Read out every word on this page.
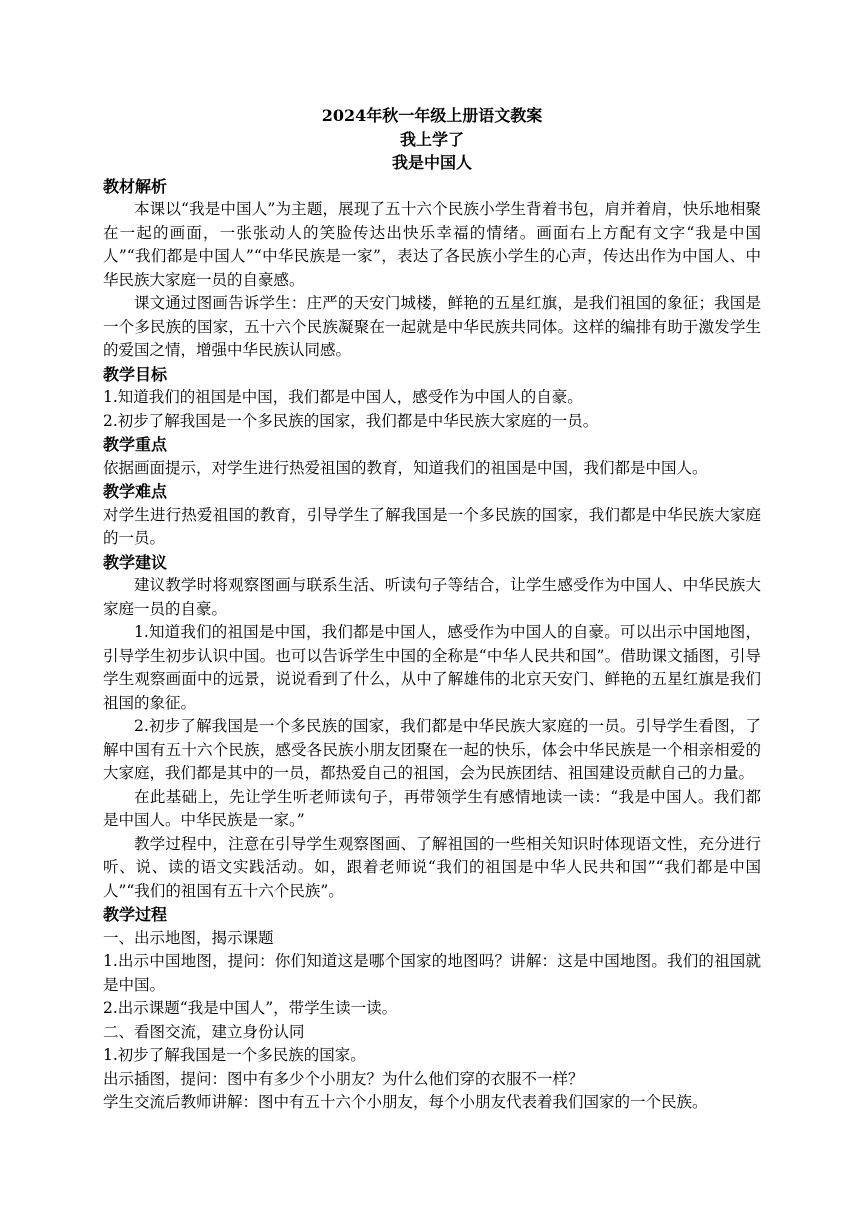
2024年秋一年级上册语文教案
我上学了
我是中国人
教材解析

本课以“我是中国人”为主题，展现了五十六个民族小学生背着书包，肩并着肩，快乐地相聚在一起的画面，一张张动人的笑脸传达出快乐幸福的情绪。画面右上方配有文字“我是中国人”“我们都是中国人”“中华民族是一家”，表达了各民族小学生的心声，传达出作为中国人、中华民族大家庭一员的自豪感。

课文通过图画告诉学生：庄严的天安门城楼，鲜艳的五星红旗，是我们祖国的象征；我国是一个多民族的国家，五十六个民族凝聚在一起就是中华民族共同体。这样的编排有助于激发学生的爱国之情，增强中华民族认同感。

教学目标

1.知道我们的祖国是中国，我们都是中国人，感受作为中国人的自豪。

2.初步了解我国是一个多民族的国家，我们都是中华民族大家庭的一员。

教学重点

依据画面提示，对学生进行热爱祖国的教育，知道我们的祖国是中国，我们都是中国人。

教学难点

对学生进行热爱祖国的教育，引导学生了解我国是一个多民族的国家，我们都是中华民族大家庭的一员。

教学建议

建议教学时将观察图画与联系生活、听读句子等结合，让学生感受作为中国人、中华民族大家庭一员的自豪。

1.知道我们的祖国是中国，我们都是中国人，感受作为中国人的自豪。可以出示中国地图，引导学生初步认识中国。也可以告诉学生中国的全称是“中华人民共和国”。借助课文插图，引导学生观察画面中的远景，说说看到了什么，从中了解雄伟的北京天安门、鲜艳的五星红旗是我们祖国的象征。

2.初步了解我国是一个多民族的国家，我们都是中华民族大家庭的一员。引导学生看图，了解中国有五十六个民族，感受各民族小朋友团聚在一起的快乐，体会中华民族是一个相亲相爱的大家庭，我们都是其中的一员，都热爱自己的祖国，会为民族团结、祖国建设贡献自己的力量。

在此基础上，先让学生听老师读句子，再带领学生有感情地读一读：“我是中国人。我们都是中国人。中华民族是一家。”

教学过程中，注意在引导学生观察图画、了解祖国的一些相关知识时体现语文性，充分进行听、说、读的语文实践活动。如，跟着老师说“我们的祖国是中华人民共和国”“我们都是中国人”“我们的祖国有五十六个民族”。

教学过程

一、出示地图，揭示课题

1.出示中国地图，提问：你们知道这是哪个国家的地图吗？讲解：这是中国地图。我们的祖国就是中国。

2.出示课题“我是中国人”，带学生读一读。

二、看图交流，建立身份认同

1.初步了解我国是一个多民族的国家。

出示插图，提问：图中有多少个小朋友？为什么他们穿的衣服不一样？

学生交流后教师讲解：图中有五十六个小朋友，每个小朋友代表着我们国家的一个民族。
